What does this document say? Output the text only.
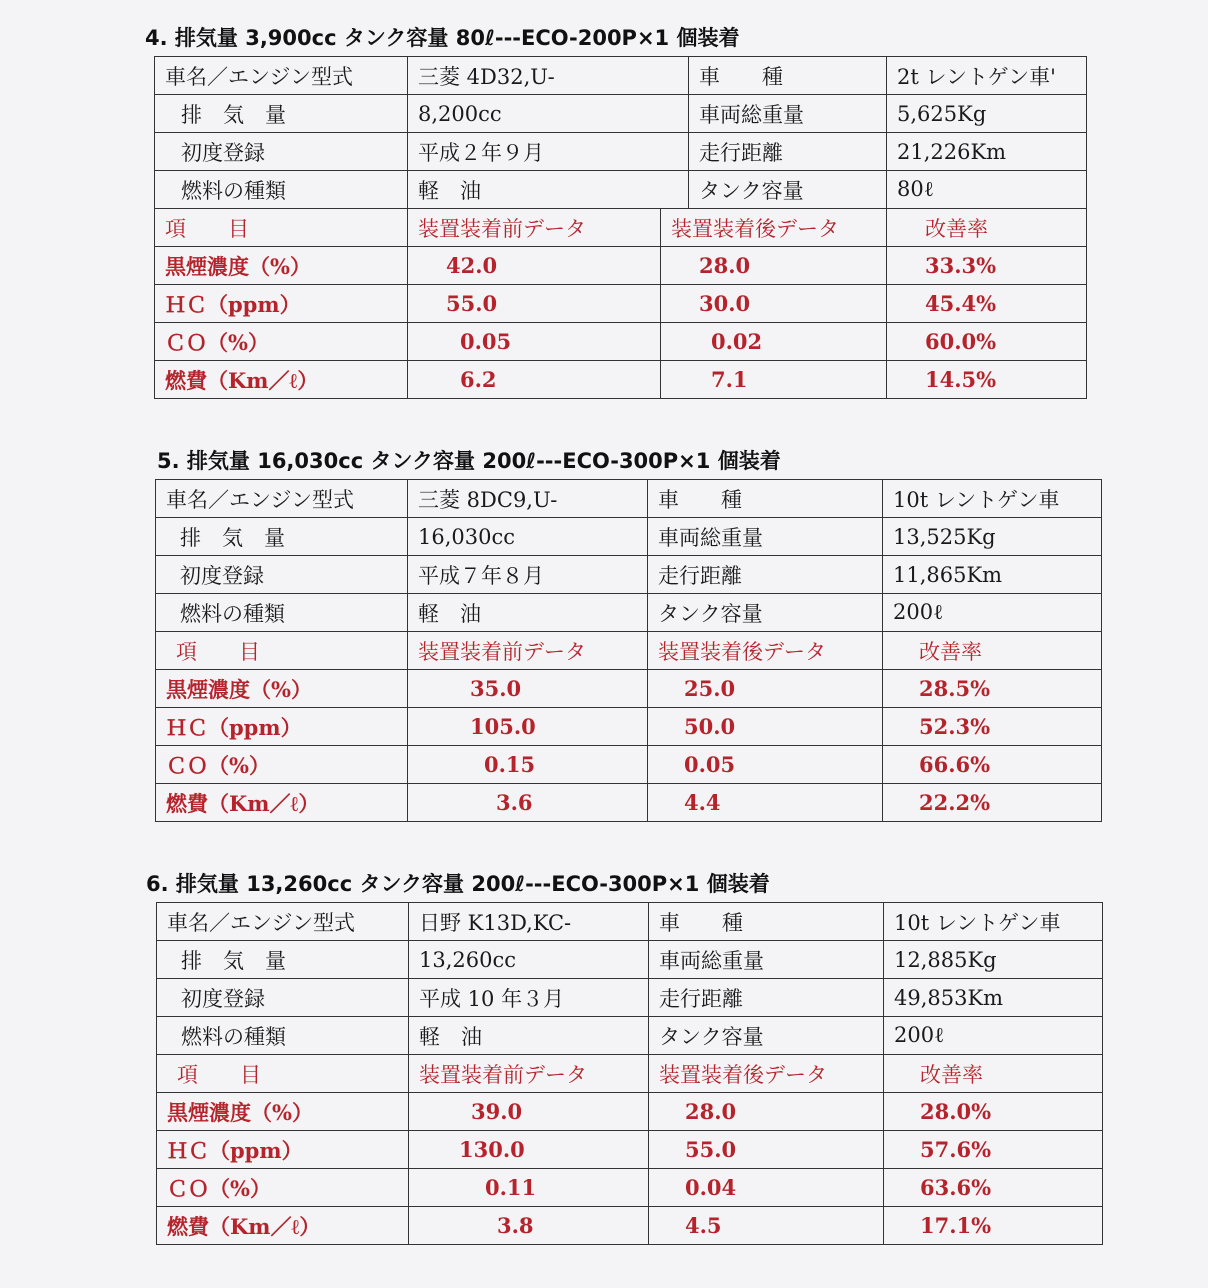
4. 排気量 3,900cc タンク容量 80ℓ---ECO-200P×1 個装着
車名／エンジン型式	三菱 4D32,U-		車　　種	2t レントゲン車'
排　気　量	8,200cc		車両総重量	5,625Kg
初度登録	平成２年９月		走行距離	21,226Km
燃料の種類	軽　油		タンク容量	80ℓ
項　　目	装置装着前データ	装置装着後データ		改善率
黒煙濃度（%）	42.0	28.0		33.3%
ＨＣ（ppm）	55.0	30.0		45.4%
ＣＯ（%）	0.05	0.02		60.0%
燃費（Km／ℓ）	6.2	7.1		14.5%
5. 排気量 16,030cc タンク容量 200ℓ---ECO-300P×1 個装着
車名／エンジン型式	三菱 8DC9,U-	車　　種	10t レントゲン車
排　気　量	16,030cc	車両総重量	13,525Kg
初度登録	平成７年８月	走行距離	11,865Km
燃料の種類	軽　油	タンク容量	200ℓ
項　　目	装置装着前データ	装置装着後データ	改善率
黒煙濃度（%）	35.0	25.0	28.5%
ＨＣ（ppm）	105.0	50.0	52.3%
ＣＯ（%）	0.15	0.05	66.6%
燃費（Km／ℓ）	3.6	4.4	22.2%
6. 排気量 13,260cc タンク容量 200ℓ---ECO-300P×1 個装着
車名／エンジン型式	日野 K13D,KC-	車　　種	10t レントゲン車
排　気　量	13,260cc	車両総重量	12,885Kg
初度登録	平成 10 年３月	走行距離	49,853Km
燃料の種類	軽　油	タンク容量	200ℓ
項　　目	装置装着前データ	装置装着後データ	改善率
黒煙濃度（%）	39.0	28.0	28.0%
ＨＣ（ppm）	130.0	55.0	57.6%
ＣＯ（%）	0.11	0.04	63.6%
燃費（Km／ℓ）	3.8	4.5	17.1%
